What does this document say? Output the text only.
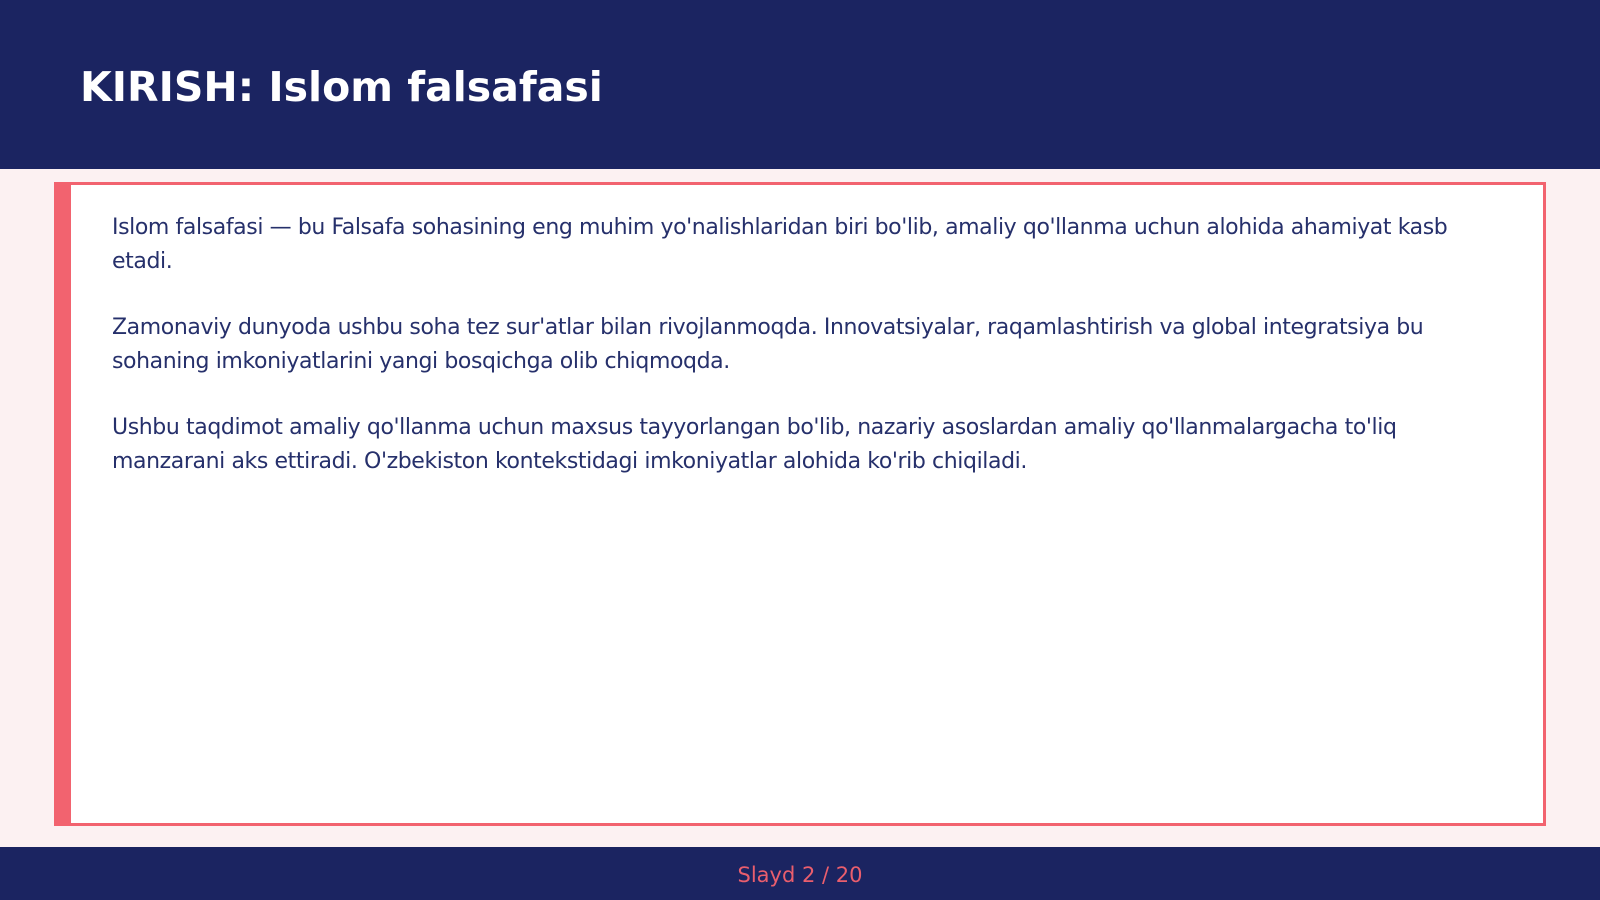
KIRISH: Islom falsafasi

Islom falsafasi — bu Falsafa sohasining eng muhim yo'nalishlaridan biri bo'lib, amaliy qo'llanma uchun alohida ahamiyat kasb etadi.

Zamonaviy dunyoda ushbu soha tez sur'atlar bilan rivojlanmoqda. Innovatsiyalar, raqamlashtirish va global integratsiya bu sohaning imkoniyatlarini yangi bosqichga olib chiqmoqda.

Ushbu taqdimot amaliy qo'llanma uchun maxsus tayyorlangan bo'lib, nazariy asoslardan amaliy qo'llanmalargacha to'liq manzarani aks ettiradi. O'zbekiston kontekstidagi imkoniyatlar alohida ko'rib chiqiladi.

Slayd 2 / 20
